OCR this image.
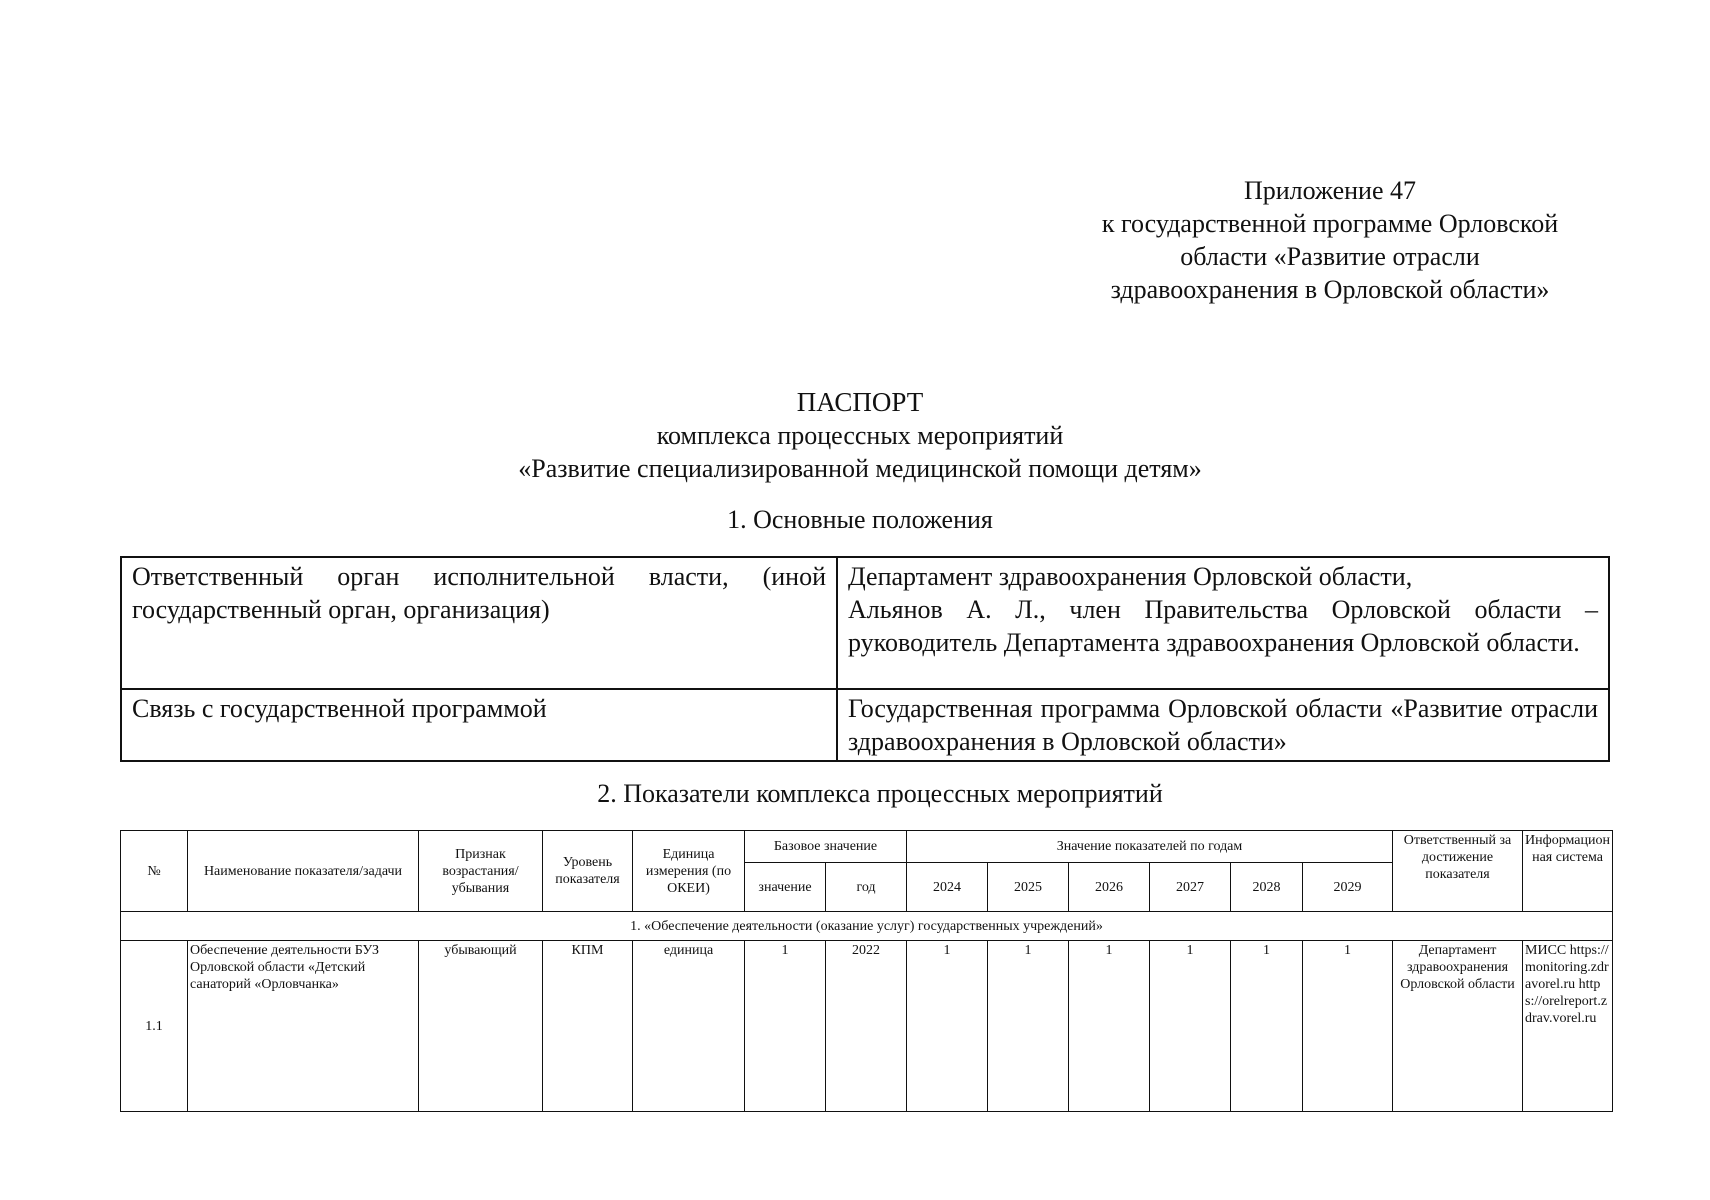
Приложение 47
к государственной программе Орловской
области «Развитие отрасли
здравоохранения в Орловской области»
ПАСПОРТ
комплекса процессных мероприятий
«Развитие специализированной медицинской помощи детям»
1. Основные положения
Ответственный орган исполнительной власти, (иной государственный орган, организация)	Департамент здравоохранения Орловской области,
Альянов А. Л., член Правительства Орловской области – руководитель Департамента здравоохранения Орловской области.

Связь с государственной программой	Государственная программа Орловской области «Развитие отрасли здравоохранения в Орловской области»
2. Показатели комплекса процессных мероприятий
№	Наименование показателя/задачи	Признак возрастания/ убывания	Уровень показателя	Единица измерения (по ОКЕИ)	Базовое значение		Значение показателей по годам						Ответственный за достижение показателя	Информационная система
					значение	год	2024	2025	2026	2027	2028	2029		
1. «Обеспечение деятельности (оказание услуг) государственных учреждений»														
1.1	Обеспечение деятельности БУЗ Орловской области «Детский санаторий «Орловчанка»	убывающий	КПМ	единица	1	2022	1	1	1	1	1	1	Департамент здравоохранения Орловской области	МИСС https://monitoring.zdravorel.ru https://orelreport.zdrav.vorel.ru
